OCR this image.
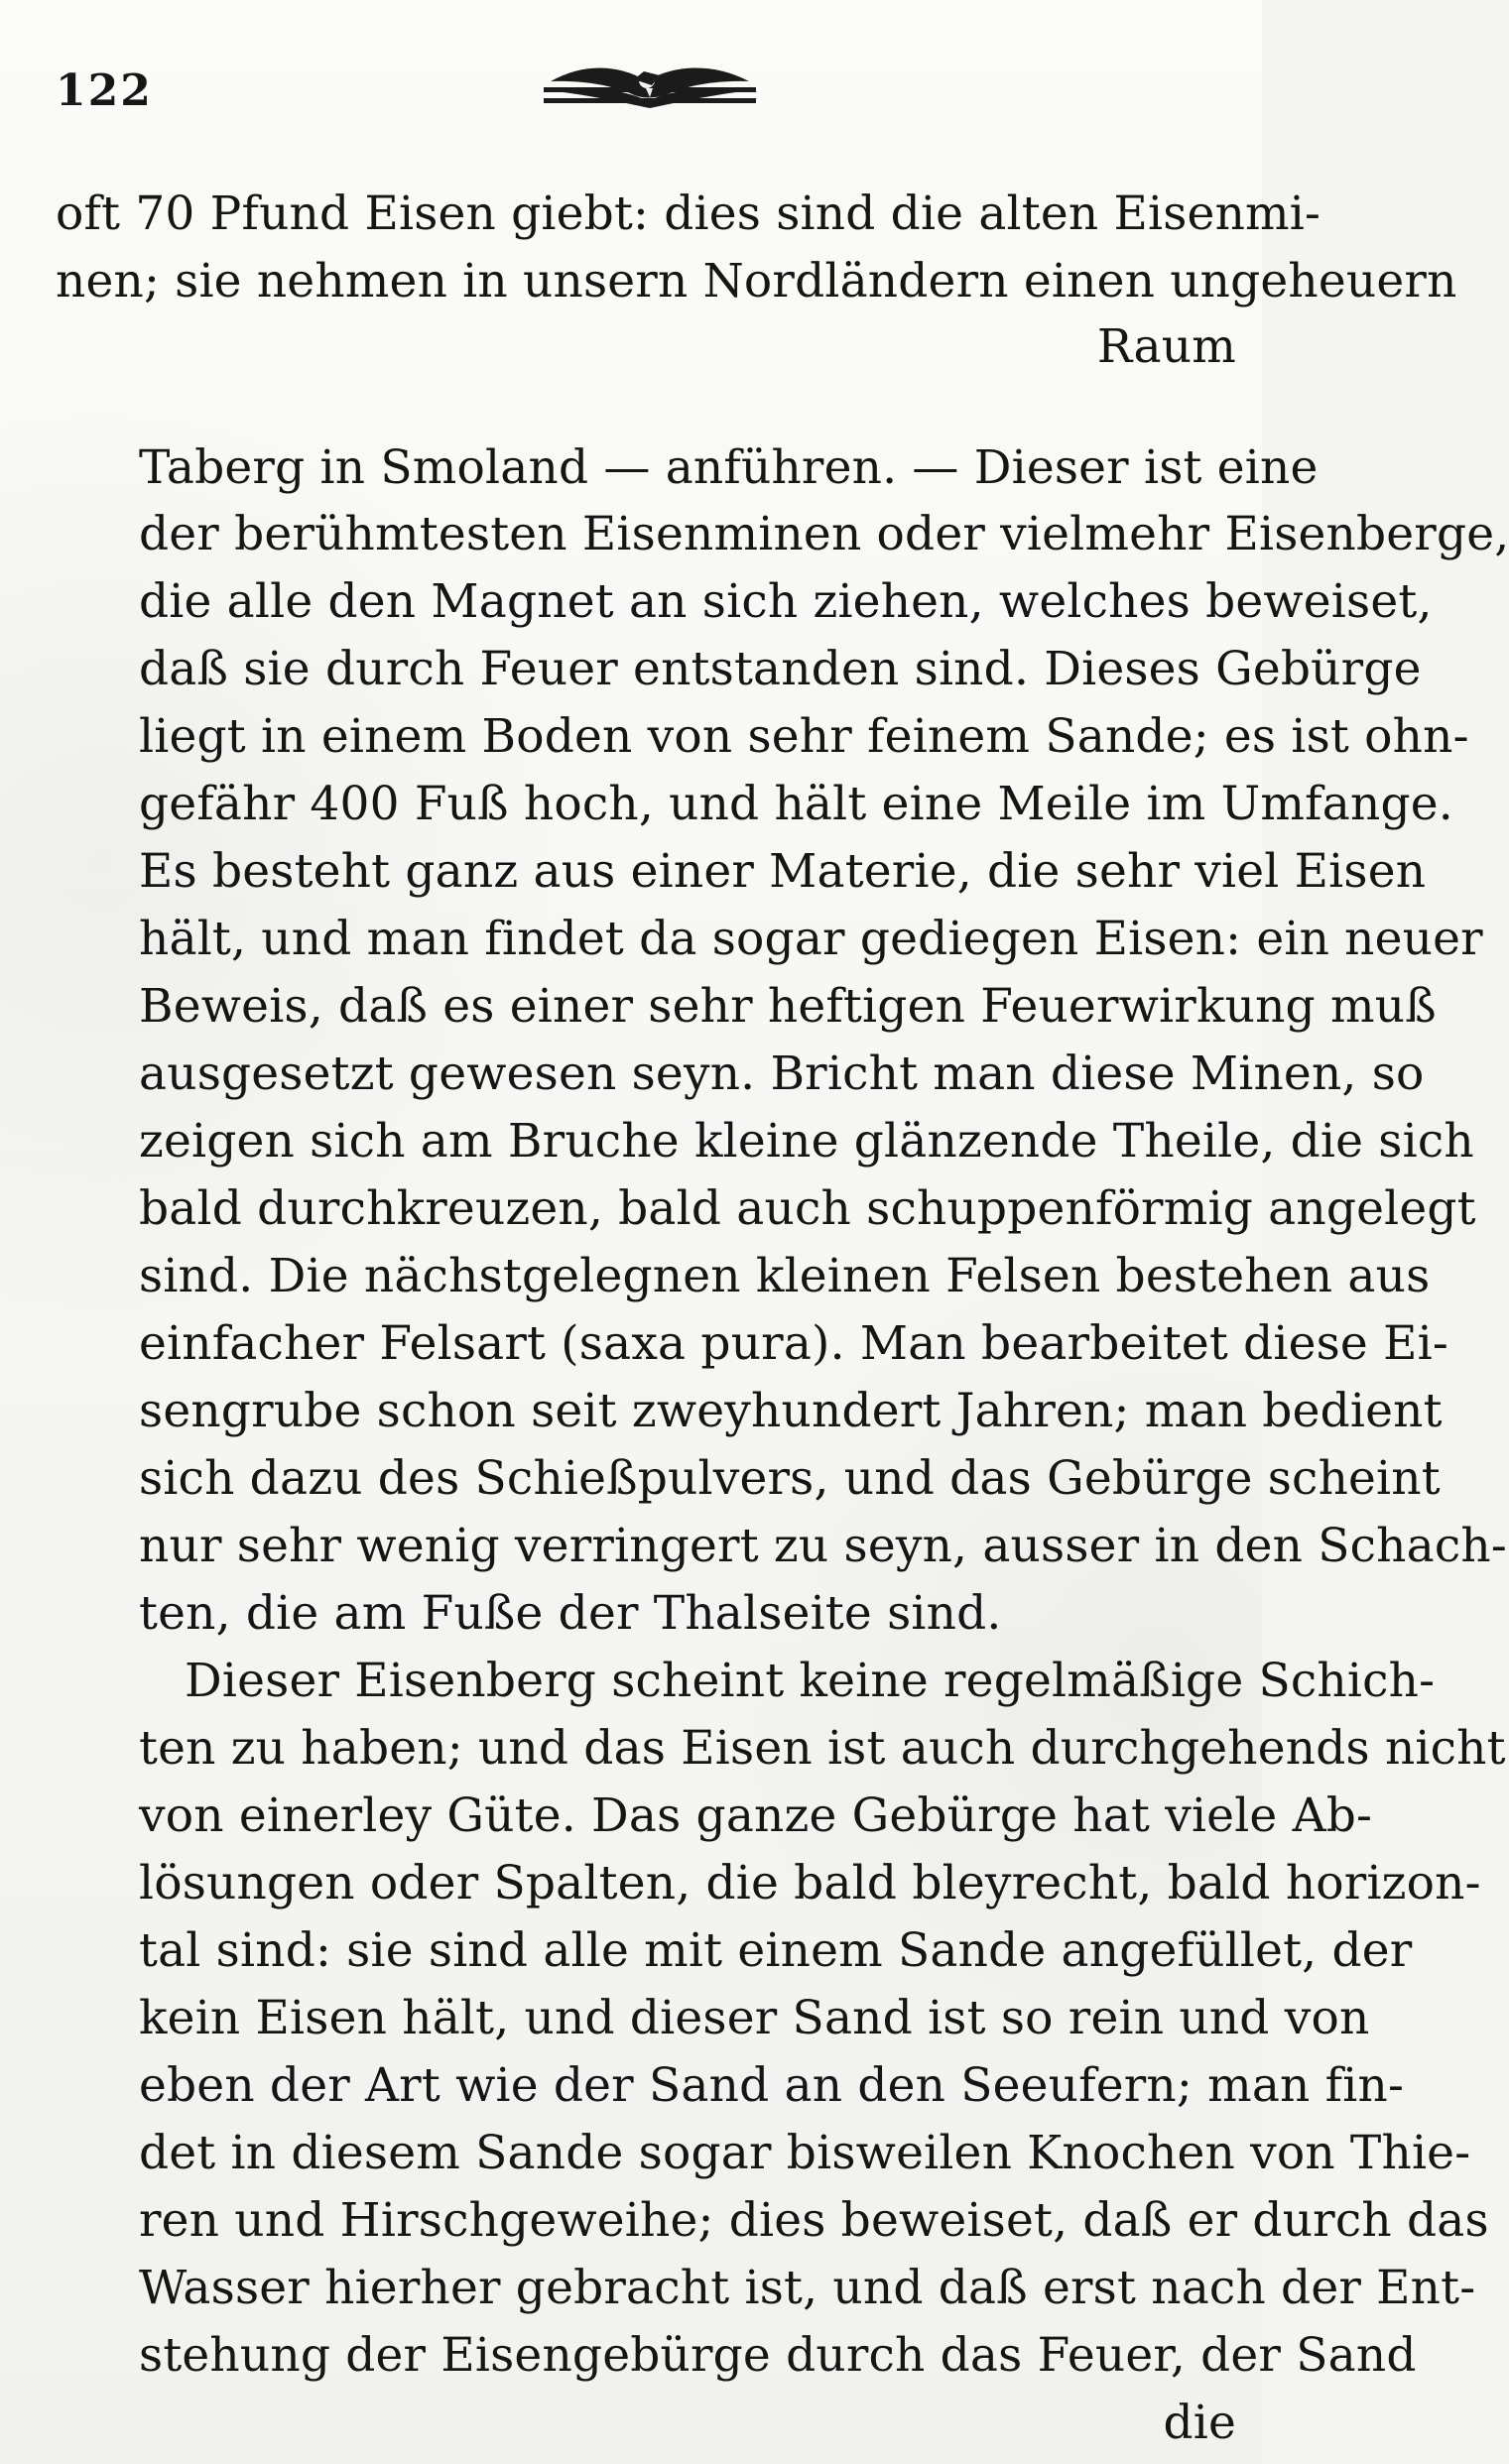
122
oft 70 Pfund Eisen giebt: dies sind die alten Eisenmi-
nen; sie nehmen in unsern Nordländern einen ungeheuern
Raum
Taberg in Smoland — anführen. — Dieser ist eine
der berühmtesten Eisenminen oder vielmehr Eisenberge,
die alle den Magnet an sich ziehen, welches beweiset,
daß sie durch Feuer entstanden sind. Dieses Gebürge
liegt in einem Boden von sehr feinem Sande; es ist ohn-
gefähr 400 Fuß hoch, und hält eine Meile im Umfange.
Es besteht ganz aus einer Materie, die sehr viel Eisen
hält, und man findet da sogar gediegen Eisen: ein neuer
Beweis, daß es einer sehr heftigen Feuerwirkung muß
ausgesetzt gewesen seyn. Bricht man diese Minen, so
zeigen sich am Bruche kleine glänzende Theile, die sich
bald durchkreuzen, bald auch schuppenförmig angelegt
sind. Die nächstgelegnen kleinen Felsen bestehen aus
einfacher Felsart (saxa pura). Man bearbeitet diese Ei-
sengrube schon seit zweyhundert Jahren; man bedient
sich dazu des Schießpulvers, und das Gebürge scheint
nur sehr wenig verringert zu seyn, ausser in den Schach-
ten, die am Fuße der Thalseite sind.
Dieser Eisenberg scheint keine regelmäßige Schich-
ten zu haben; und das Eisen ist auch durchgehends nicht
von einerley Güte. Das ganze Gebürge hat viele Ab-
lösungen oder Spalten, die bald bleyrecht, bald horizon-
tal sind: sie sind alle mit einem Sande angefüllet, der
kein Eisen hält, und dieser Sand ist so rein und von
eben der Art wie der Sand an den Seeufern; man fin-
det in diesem Sande sogar bisweilen Knochen von Thie-
ren und Hirschgeweihe; dies beweiset, daß er durch das
Wasser hierher gebracht ist, und daß erst nach der Ent-
stehung der Eisengebürge durch das Feuer, der Sand
die
